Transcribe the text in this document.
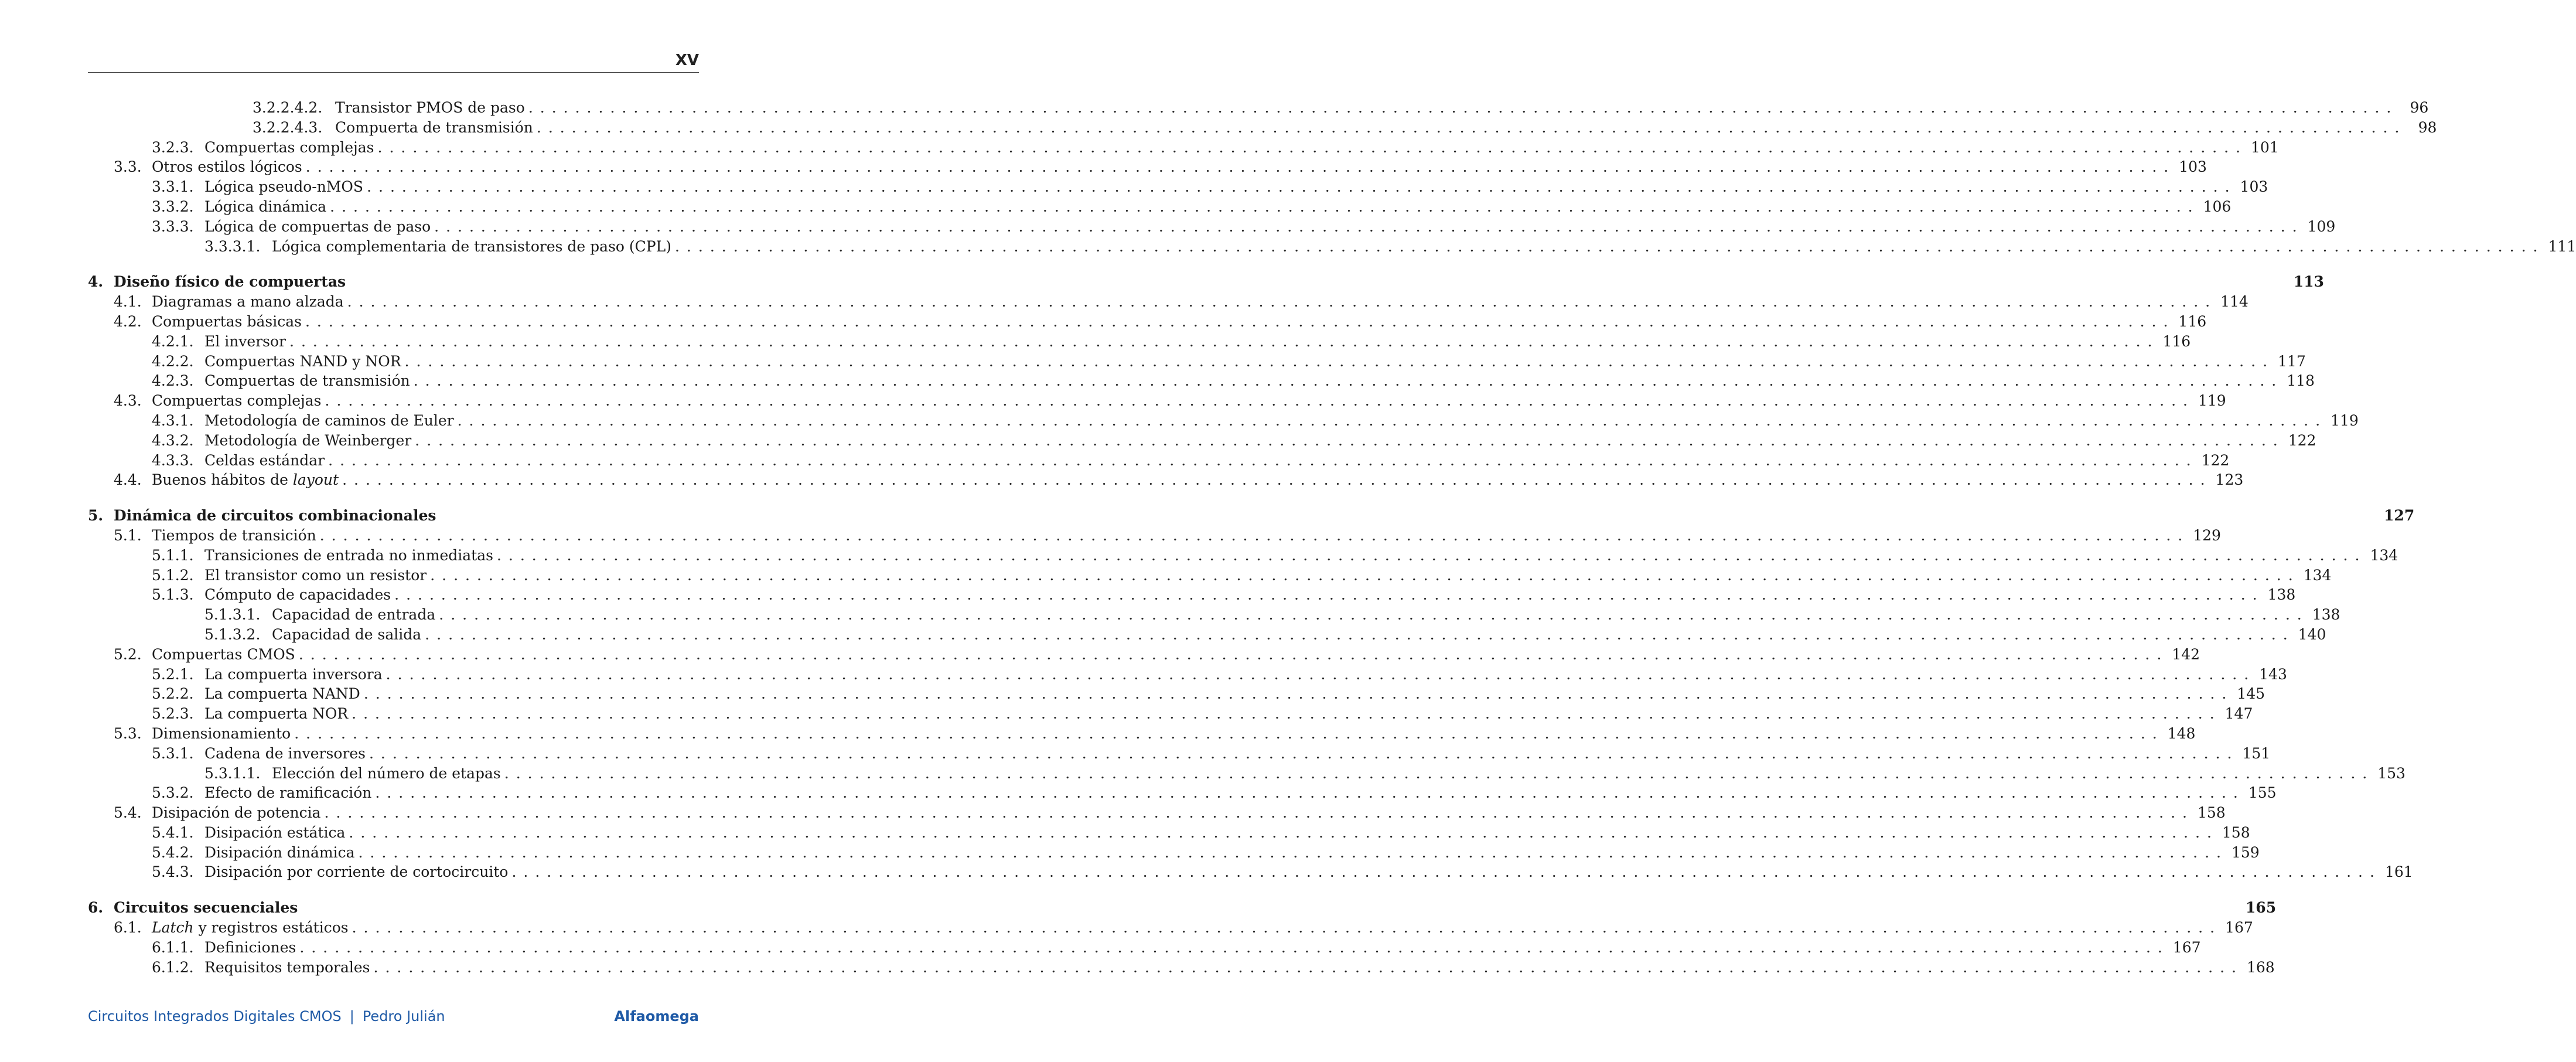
XV
3.2.2.4.2. Transistor PMOS de paso ................................................................................................................................................................ 96
3.2.2.4.3. Compuerta de transmisión ................................................................................................................................................................ 98
3.2.3. Compuertas complejas ................................................................................................................................................................ 101
3.3. Otros estilos lógicos ................................................................................................................................................................ 103
3.3.1. Lógica pseudo-nMOS ................................................................................................................................................................ 103
3.3.2. Lógica dinámica ................................................................................................................................................................ 106
3.3.3. Lógica de compuertas de paso ................................................................................................................................................................ 109
3.3.3.1. Lógica complementaria de transistores de paso (CPL) ................................................................................................................................................................ 111
4. Diseño físico de compuertas	113
4.1. Diagramas a mano alzada ................................................................................................................................................................ 114
4.2. Compuertas básicas ................................................................................................................................................................ 116
4.2.1. El inversor ................................................................................................................................................................ 116
4.2.2. Compuertas NAND y NOR ................................................................................................................................................................ 117
4.2.3. Compuertas de transmisión ................................................................................................................................................................ 118
4.3. Compuertas complejas ................................................................................................................................................................ 119
4.3.1. Metodología de caminos de Euler ................................................................................................................................................................ 119
4.3.2. Metodología de Weinberger ................................................................................................................................................................ 122
4.3.3. Celdas estándar ................................................................................................................................................................ 122
4.4. Buenos hábitos de layout ................................................................................................................................................................ 123
5. Dinámica de circuitos combinacionales	127
5.1. Tiempos de transición ................................................................................................................................................................ 129
5.1.1. Transiciones de entrada no inmediatas ................................................................................................................................................................ 134
5.1.2. El transistor como un resistor ................................................................................................................................................................ 134
5.1.3. Cómputo de capacidades ................................................................................................................................................................ 138
5.1.3.1. Capacidad de entrada ................................................................................................................................................................ 138
5.1.3.2. Capacidad de salida ................................................................................................................................................................ 140
5.2. Compuertas CMOS ................................................................................................................................................................ 142
5.2.1. La compuerta inversora ................................................................................................................................................................ 143
5.2.2. La compuerta NAND ................................................................................................................................................................ 145
5.2.3. La compuerta NOR ................................................................................................................................................................ 147
5.3. Dimensionamiento ................................................................................................................................................................ 148
5.3.1. Cadena de inversores ................................................................................................................................................................ 151
5.3.1.1. Elección del número de etapas ................................................................................................................................................................ 153
5.3.2. Efecto de ramificación ................................................................................................................................................................ 155
5.4. Disipación de potencia ................................................................................................................................................................ 158
5.4.1. Disipación estática ................................................................................................................................................................ 158
5.4.2. Disipación dinámica ................................................................................................................................................................ 159
5.4.3. Disipación por corriente de cortocircuito ................................................................................................................................................................ 161
6. Circuitos secuenciales	165
6.1. Latch y registros estáticos ................................................................................................................................................................ 167
6.1.1. Definiciones ................................................................................................................................................................ 167
6.1.2. Requisitos temporales ................................................................................................................................................................ 168
Circuitos Integrados Digitales CMOS | Pedro Julián	Alfaomega
